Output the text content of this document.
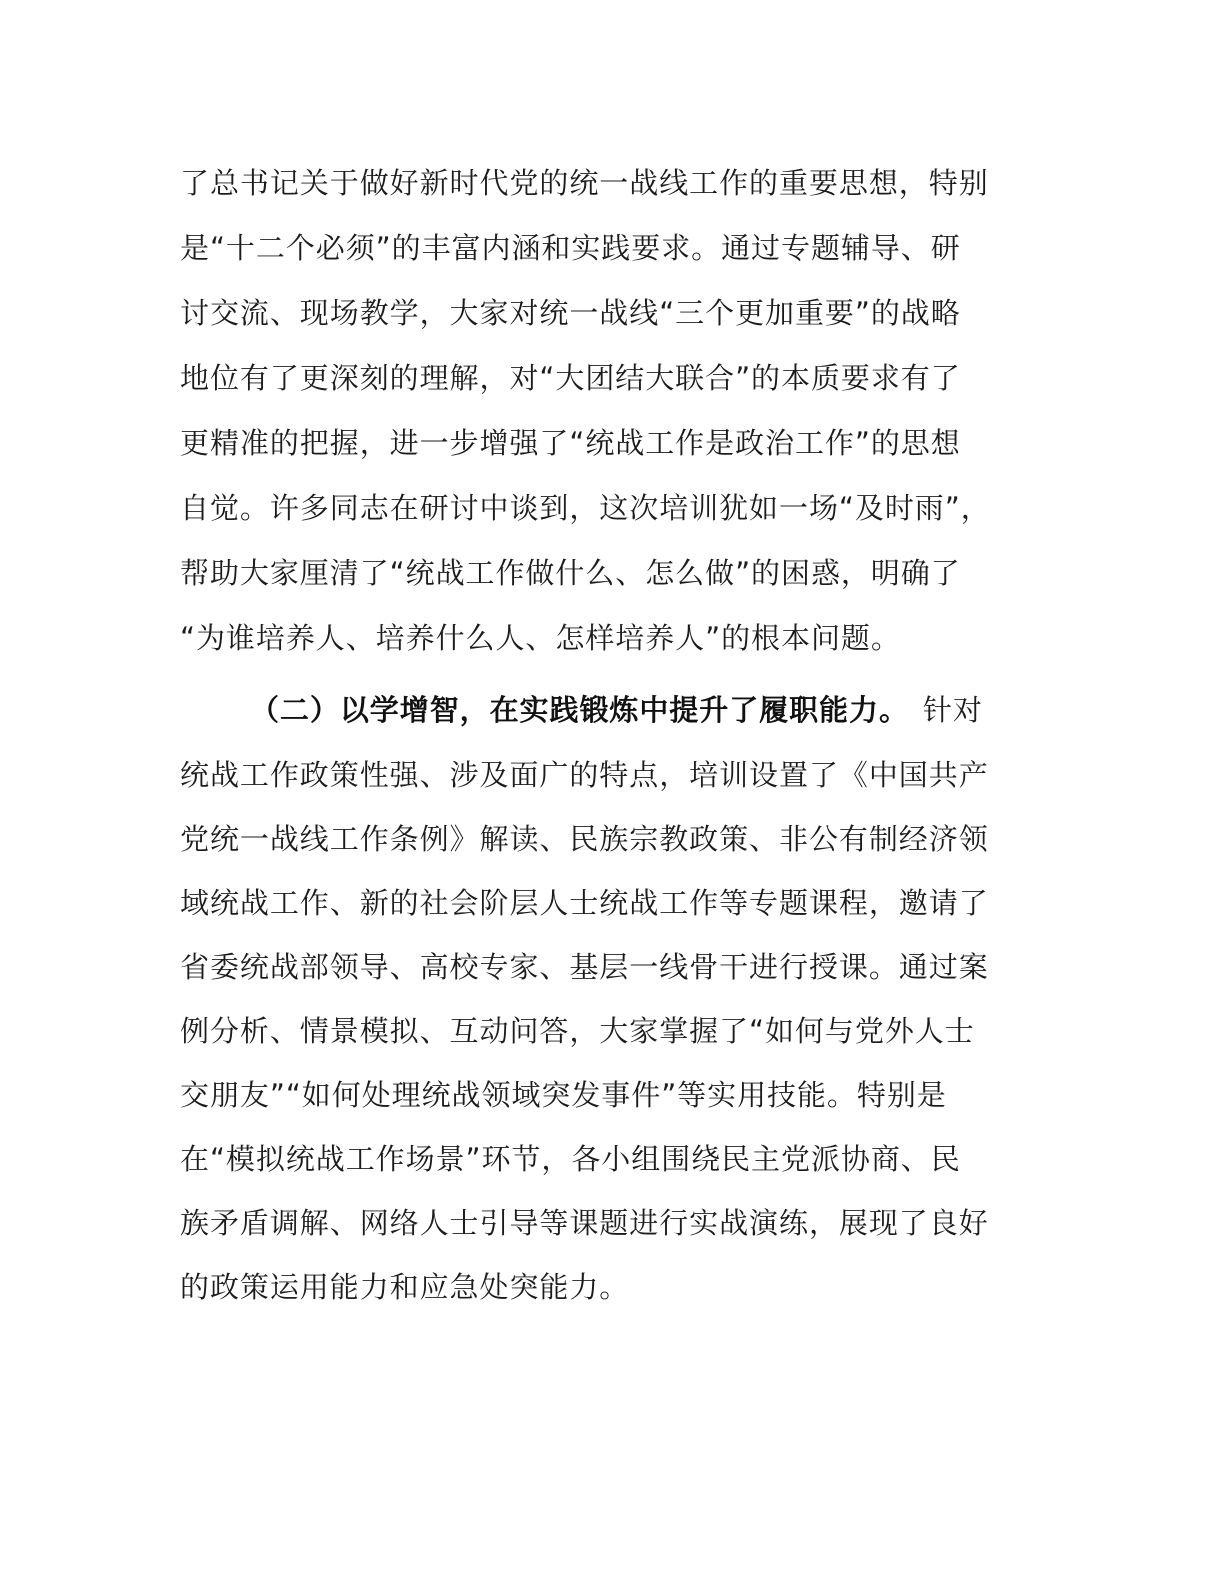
了总书记关于做好新时代党的统一战线工作的重要思想，特别
是“十二个必须”的丰富内涵和实践要求。通过专题辅导、研
讨交流、现场教学，大家对统一战线“三个更加重要”的战略
地位有了更深刻的理解，对“大团结大联合”的本质要求有了
更精准的把握，进一步增强了“统战工作是政治工作”的思想
自觉。许多同志在研讨中谈到，这次培训犹如一场“及时雨”，
帮助大家厘清了“统战工作做什么、怎么做”的困惑，明确了
“为谁培养人、培养什么人、怎样培养人”的根本问题。
（二）以学增智，在实践锻炼中提升了履职能力。 针对
统战工作政策性强、涉及面广的特点，培训设置了《中国共产
党统一战线工作条例》解读、民族宗教政策、非公有制经济领
域统战工作、新的社会阶层人士统战工作等专题课程，邀请了
省委统战部领导、高校专家、基层一线骨干进行授课。通过案
例分析、情景模拟、互动问答，大家掌握了“如何与党外人士
交朋友”“如何处理统战领域突发事件”等实用技能。特别是
在“模拟统战工作场景”环节，各小组围绕民主党派协商、民
族矛盾调解、网络人士引导等课题进行实战演练，展现了良好
的政策运用能力和应急处突能力。
